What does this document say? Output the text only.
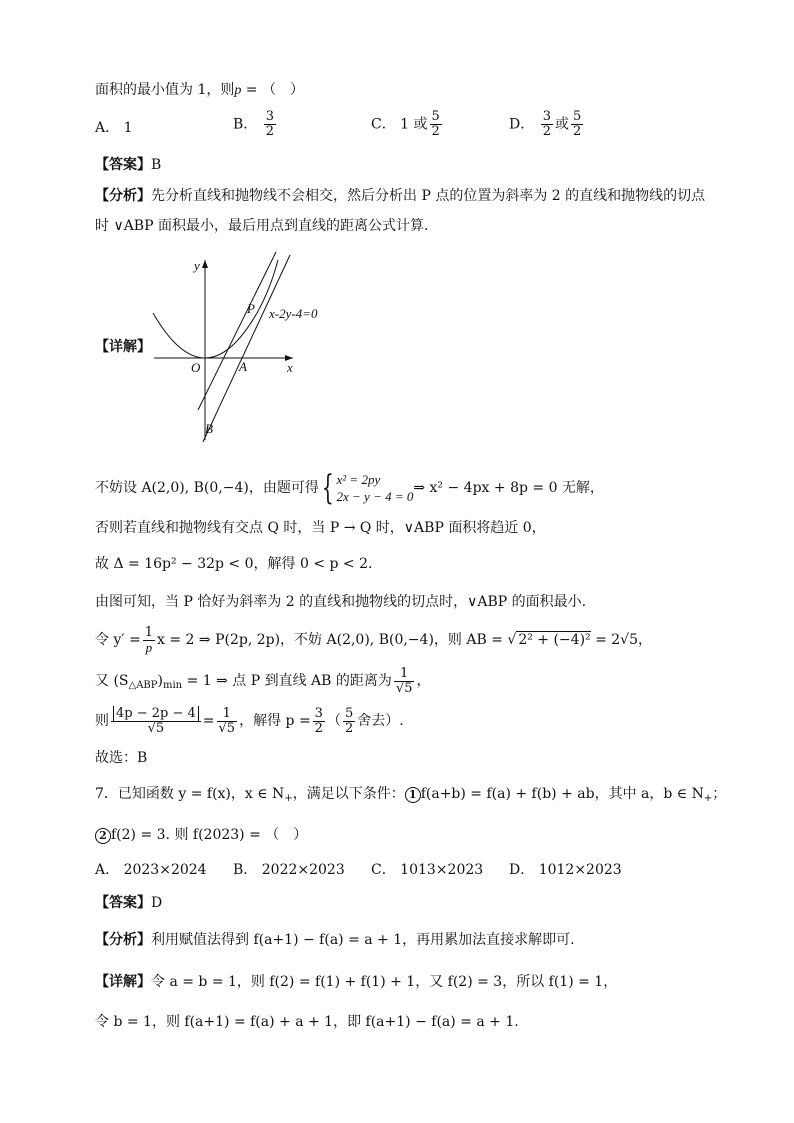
面积的最小值为 1，则p = （　）
A． 1	B． $\frac{3}{2}$	C． 1 或 $\frac{5}{2}$	D． $\frac{3}{2}$ 或 $\frac{5}{2}$
【答案】B
【分析】先分析直线和抛物线不会相交，然后分析出 P 点的位置为斜率为 2 的直线和抛物线的切点
时 ∨ABP 面积最小，最后用点到直线的距离公式计算.
【详解】
y
x
O	A
B
P x-2y-4=0
不妨设 A(2,0), B(0,−4)，由题可得{ x² = 2py
2x − y − 4 = 0
⇒ x² − 4px + 8p = 0 无解，
否则若直线和抛物线有交点 Q 时，当 P → Q 时，∨ABP 面积将趋近 0，
故 Δ = 16p² − 32p < 0，解得 0 < p < 2.
由图可知，当 P 恰好为斜率为 2 的直线和抛物线的切点时，∨ABP 的面积最小.
令 $y' = \frac{1}{p}$ x = 2 ⇒ P(2p, 2p)，不妨 A(2,0), B(0,−4)，则 AB = √ 2² + (−4)² = 2√5，
又 $(S_{\triangle ABP})_{min} = 1$ ⇒ 点 P 到直线 AB 的距离为 $\frac{1}{√5}$ ，
则 $\frac{4p - 2p - 4}{√5} = \frac{1}{√5}$ ，解得 $p = \frac{3}{2}$ （ $\frac{5}{2}$ 舍去）.
故选：B
7．已知函数 y = f(x)，x ∈ $N_+$，满足以下条件： 1 f(a+b) = f(a) + f(b) + ab，其中 a，b ∈ $N_+$；
2 f(2) = 3. 则 f(2023) = （　）
A． 2023×2024 B． 2022×2023 C． 1013×2023 D． 1012×2023
【答案】D
【分析】利用赋值法得到 f(a+1) − f(a) = a + 1，再用累加法直接求解即可.
【详解】令 a = b = 1，则 f(2) = f(1) + f(1) + 1，又 f(2) = 3，所以 f(1) = 1，
令 b = 1，则 f(a+1) = f(a) + a + 1，即 f(a+1) − f(a) = a + 1.
